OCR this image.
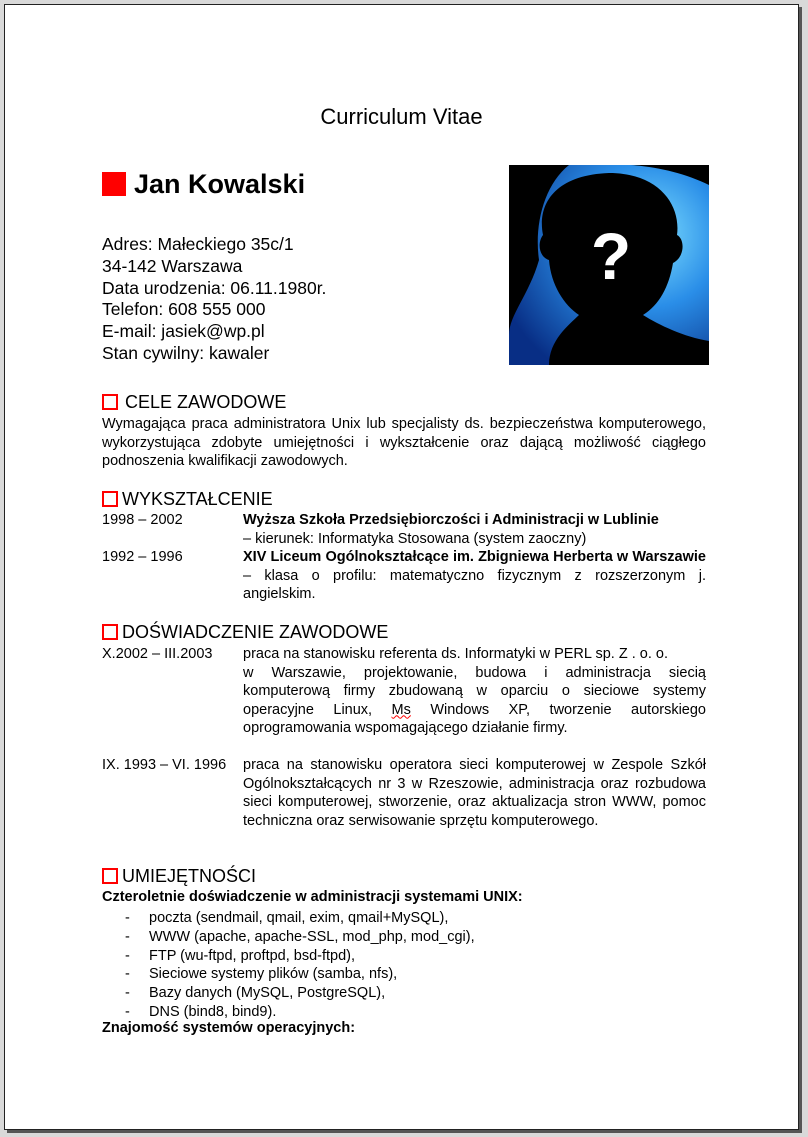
Curriculum Vitae
Jan Kowalski
Adres: Małeckiego 35c/1
34-142 Warszawa
Data urodzenia: 06.11.1980r.
Telefon: 608 555 000
E-mail: jasiek@wp.pl
Stan cywilny: kawaler
?
CELE ZAWODOWE
Wymagająca praca administratora Unix lub specjalisty ds. bezpieczeństwa komputerowego, wykorzystująca zdobyte umiejętności i wykształcenie oraz dającą możliwość ciągłego podnoszenia kwalifikacji zawodowych.
WYKSZTAŁCENIE
1998 – 2002	Wyższa Szkoła Przedsiębiorczości i Administracji w Lublinie
– kierunek: Informatyka Stosowana (system zaoczny)
1992 – 1996	XIV Liceum Ogólnokształcące im. Zbigniewa Herberta w Warszawie – klasa o profilu: matematyczno fizycznym z rozszerzonym j. angielskim.
DOŚWIADCZENIE ZAWODOWE
X.2002 – III.2003 praca na stanowisku referenta ds. Informatyki w PERL sp. Z . o. o.
w Warszawie, projektowanie, budowa i administracja siecią komputerową firmy zbudowaną w oparciu o sieciowe systemy operacyjne Linux, Ms Windows XP, tworzenie autorskiego oprogramowania wspomagającego działanie firmy.
IX. 1993 – VI. 1996 praca na stanowisku operatora sieci komputerowej w Zespole Szkół Ogólnokształcących nr 3 w Rzeszowie, administracja oraz rozbudowa sieci komputerowej, stworzenie, oraz aktualizacja stron WWW, pomoc techniczna oraz serwisowanie sprzętu komputerowego.
UMIEJĘTNOŚCI
Czteroletnie doświadczenie w administracji systemami UNIX:
- poczta (sendmail, qmail, exim, qmail+MySQL),
- WWW (apache, apache-SSL, mod_php, mod_cgi),
- FTP (wu-ftpd, proftpd, bsd-ftpd),
- Sieciowe systemy plików (samba, nfs),
- Bazy danych (MySQL, PostgreSQL),
- DNS (bind8, bind9).
Znajomość systemów operacyjnych:
